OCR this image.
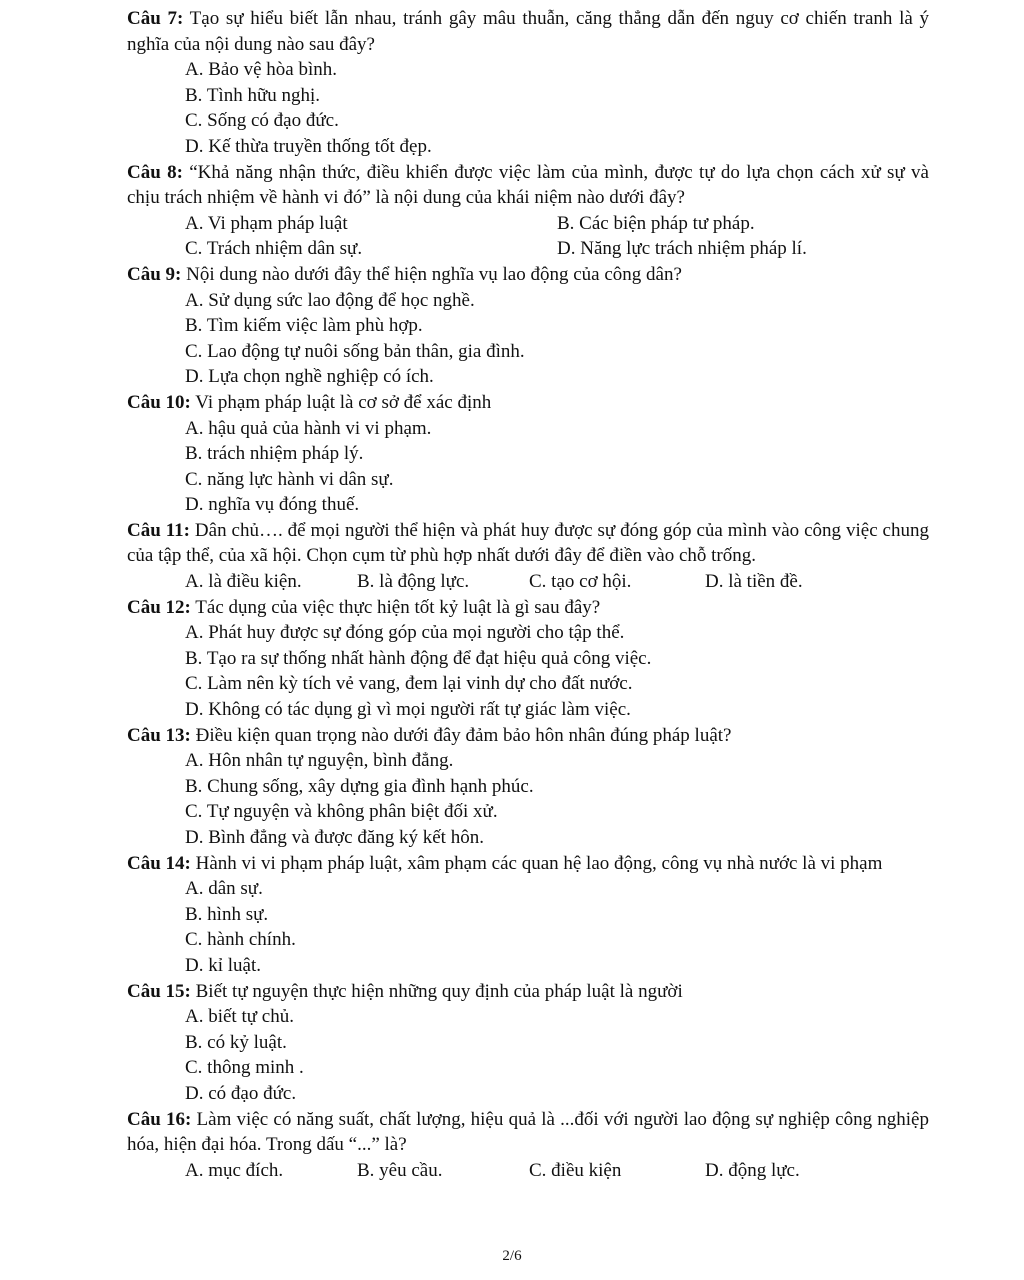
Câu 7: Tạo sự hiểu biết lẫn nhau, tránh gây mâu thuẫn, căng thẳng dẫn đến nguy cơ chiến tranh là ý nghĩa của nội dung nào sau đây?

A. Bảo vệ hòa bình.
B. Tình hữu nghị.
C. Sống có đạo đức.
D. Kế thừa truyền thống tốt đẹp.

Câu 8: “Khả năng nhận thức, điều khiển được việc làm của mình, được tự do lựa chọn cách xử sự và chịu trách nhiệm về hành vi đó” là nội dung của khái niệm nào dưới đây?

A. Vi phạm pháp luật	B. Các biện pháp tư pháp.
C. Trách nhiệm dân sự.	D. Năng lực trách nhiệm pháp lí.

Câu 9: Nội dung nào dưới đây thể hiện nghĩa vụ lao động của công dân?

A. Sử dụng sức lao động để học nghề.
B. Tìm kiếm việc làm phù hợp.
C. Lao động tự nuôi sống bản thân, gia đình.
D. Lựa chọn nghề nghiệp có ích.

Câu 10: Vi phạm pháp luật là cơ sở để xác định

A. hậu quả của hành vi vi phạm.
B. trách nhiệm pháp lý.
C. năng lực hành vi dân sự.
D. nghĩa vụ đóng thuế.

Câu 11: Dân chủ…. để mọi người thể hiện và phát huy được sự đóng góp của mình vào công việc chung của tập thể, của xã hội. Chọn cụm từ phù hợp nhất dưới đây để điền vào chỗ trống.

A. là điều kiện.	B. là động lực.	C. tạo cơ hội.	D. là tiền đề.

Câu 12: Tác dụng của việc thực hiện tốt kỷ luật là gì sau đây?

A. Phát huy được sự đóng góp của mọi người cho tập thể.
B. Tạo ra sự thống nhất hành động để đạt hiệu quả công việc.
C. Làm nên kỳ tích vẻ vang, đem lại vinh dự cho đất nước.
D. Không có tác dụng gì vì mọi người rất tự giác làm việc.

Câu 13: Điều kiện quan trọng nào dưới đây đảm bảo hôn nhân đúng pháp luật?

A. Hôn nhân tự nguyện, bình đẳng.
B. Chung sống, xây dựng gia đình hạnh phúc.
C. Tự nguyện và không phân biệt đối xử.
D. Bình đẳng và được đăng ký kết hôn.

Câu 14: Hành vi vi phạm pháp luật, xâm phạm các quan hệ lao động, công vụ nhà nước là vi phạm

A. dân sự.
B. hình sự.
C. hành chính.
D. kỉ luật.

Câu 15: Biết tự nguyện thực hiện những quy định của pháp luật là người

A. biết tự chủ.
B. có kỷ luật.
C. thông minh .
D. có đạo đức.

Câu 16: Làm việc có năng suất, chất lượng, hiệu quả là ...đối với người lao động sự nghiệp công nghiệp hóa, hiện đại hóa. Trong dấu “...” là?

A. mục đích.	B. yêu cầu.	C. điều kiện	D. động lực.
2/6
